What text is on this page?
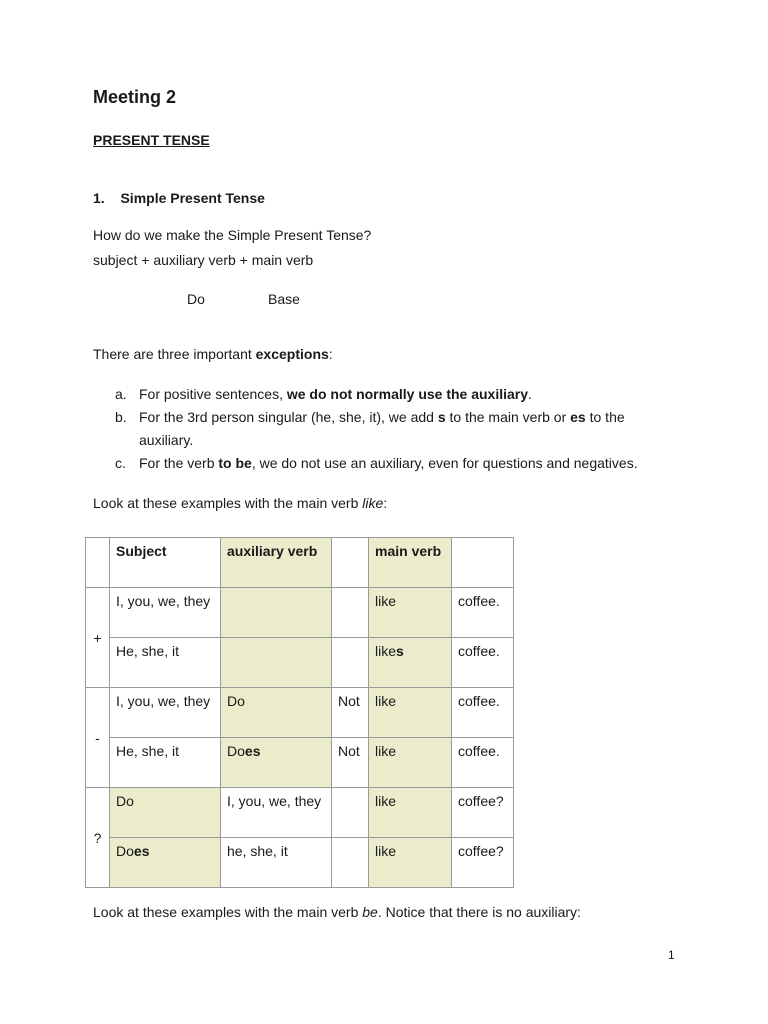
Meeting 2
PRESENT TENSE
1. Simple Present Tense
How do we make the Simple Present Tense?
subject + auxiliary verb + main verb
Do	Base
There are three important exceptions:
a. For positive sentences, we do not normally use the auxiliary.
b. For the 3rd person singular (he, she, it), we add s to the main verb or es to the auxiliary.
c. For the verb to be, we do not use an auxiliary, even for questions and negatives.
Look at these examples with the main verb like:
	Subject	auxiliary verb		main verb	
+	I, you, we, they			like	coffee.
	He, she, it			likes	coffee.
-	I, you, we, they	Do	Not	like	coffee.
	He, she, it	Does	Not	like	coffee.
?	Do	I, you, we, they		like	coffee?
	Does	he, she, it		like	coffee?
Look at these examples with the main verb be. Notice that there is no auxiliary:
1
